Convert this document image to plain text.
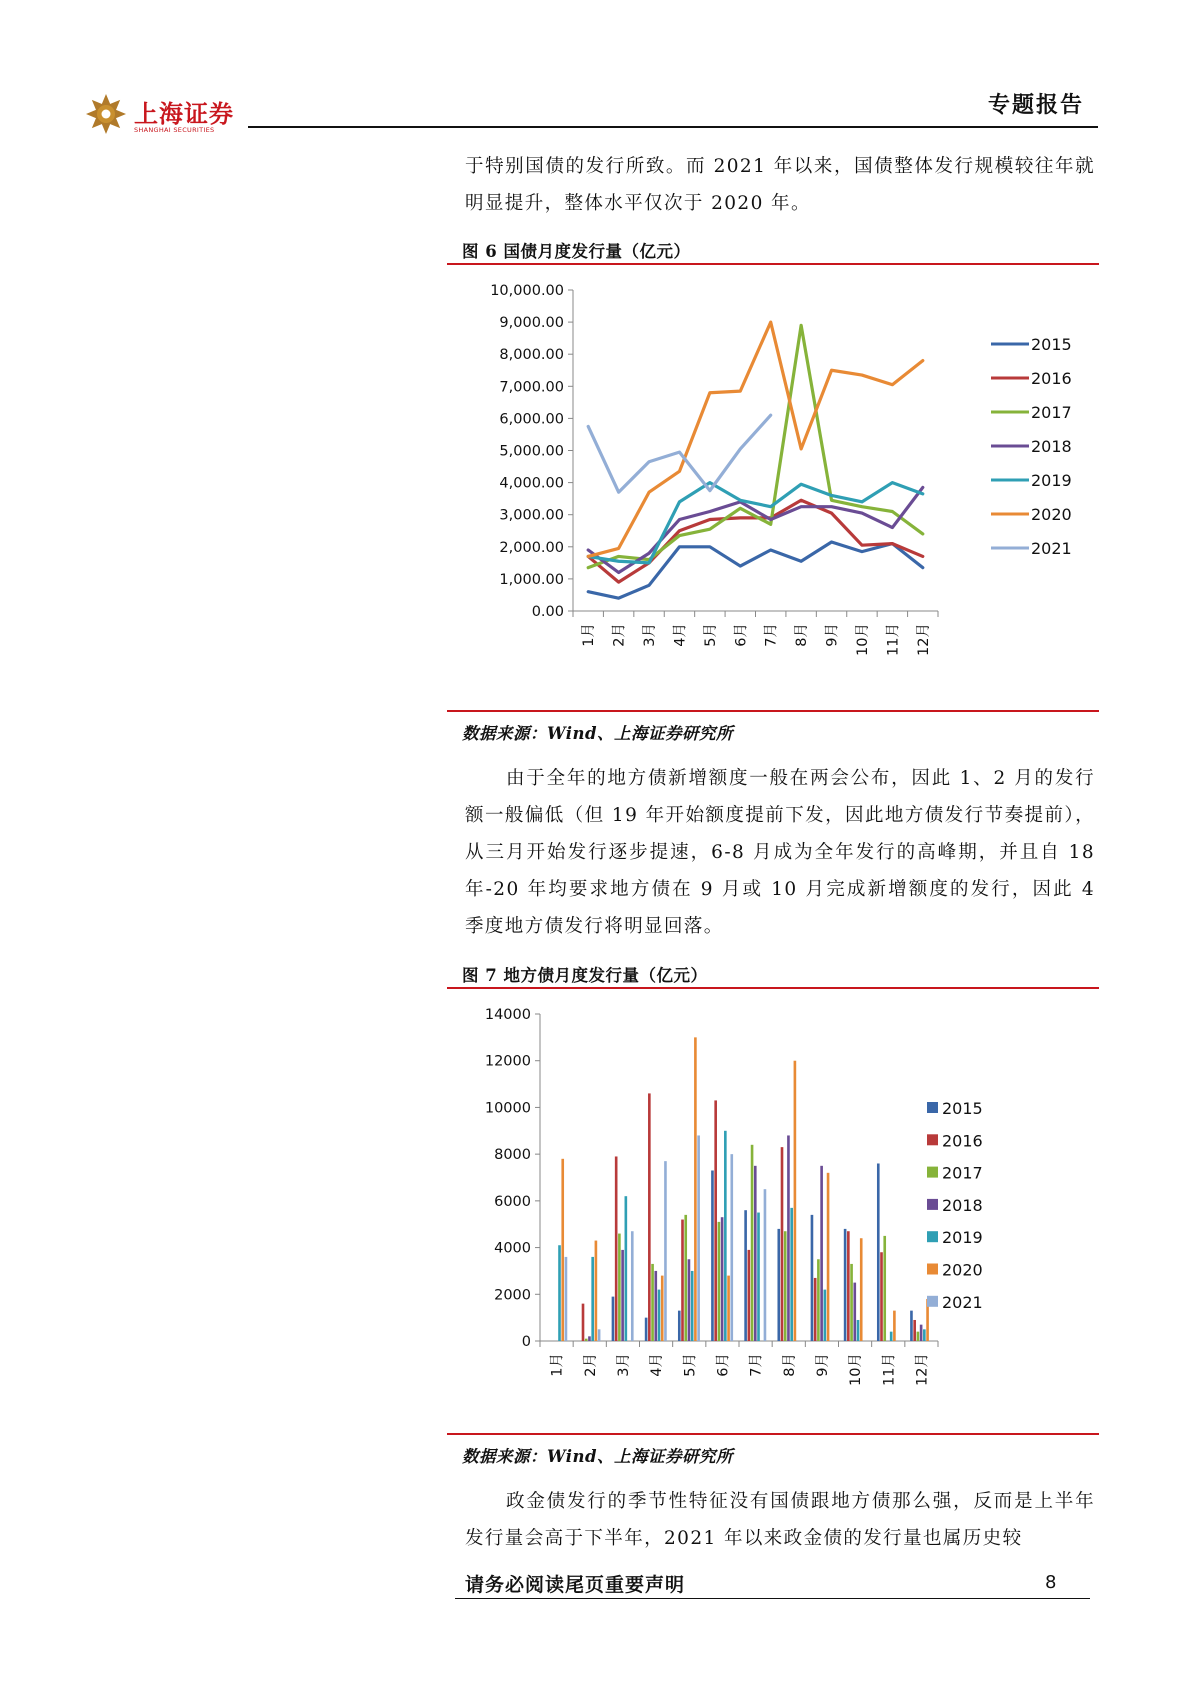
上海证券
SHANGHAI SECURITIES
专题报告

于特别国债的发行所致。而 2021 年以来，国债整体发行规模较往年就明显提升，整体水平仅次于 2020 年。

图 6 国债月度发行量（亿元）
0.00
1,000.00
2,000.00
3,000.00
4,000.00
5,000.00
6,000.00
7,000.00
8,000.00
9,000.00
10,000.00
1月 2月 3月 4月 5月 6月 7月 8月 9月 10月 11月 12月
2015
2016
2017
2018
2019
2020
2021
数据来源：Wind、上海证券研究所

由于全年的地方债新增额度一般在两会公布，因此 1、2 月的发行额一般偏低（但 19 年开始额度提前下发，因此地方债发行节奏提前），从三月开始发行逐步提速，6-8 月成为全年发行的高峰期，并且自 18 年-20 年均要求地方债在 9 月或 10 月完成新增额度的发行，因此 4 季度地方债发行将明显回落。

图 7 地方债月度发行量（亿元）
0
2000
4000
6000
8000
10000
12000
14000
1月 2月 3月 4月 5月 6月 7月 8月 9月 10月 11月 12月
2015
2016
2017
2018
2019
2020
2021
数据来源：Wind、上海证券研究所

政金债发行的季节性特征没有国债跟地方债那么强，反而是上半年发行量会高于下半年，2021 年以来政金债的发行量也属历史较

请务必阅读尾页重要声明	8
